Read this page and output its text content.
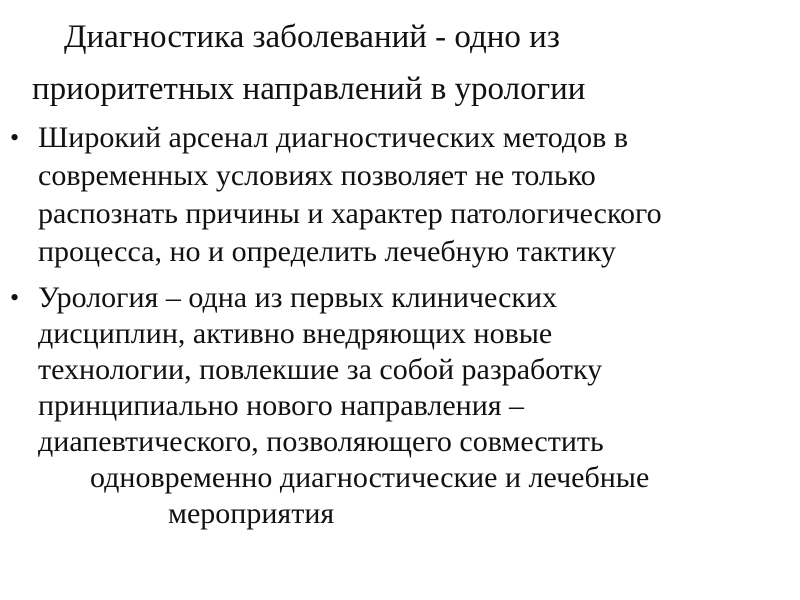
Диагностика заболеваний - одно из
приоритетных направлений в урологии
• Широкий арсенал диагностических методов в
современных условиях позволяет не только
распознать причины и характер патологического
процесса, но и определить лечебную тактику
• Урология – одна из первых клинических
дисциплин, активно внедряющих новые
технологии, повлекшие за собой разработку
принципиально нового направления –
диапевтического, позволяющего совместить
одновременно диагностические и лечебные
мероприятия
